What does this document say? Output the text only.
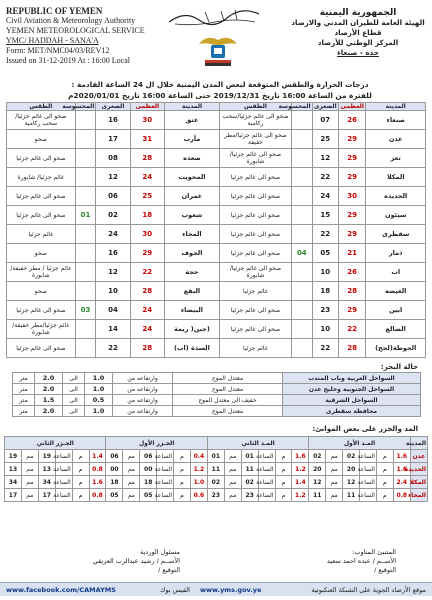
REPUBLIC OF YEMEN
Civil Aviation & Meteorology Authority
YEMEN METEOROLOGICAL SERVICE
YMC/ HADDAH - SANA'A
Form: MET/NMC04/03/REV12
Issued on 31-12-2019 At : 16:00 Local
الجمهورية اليمنية
الهيئة العامة للطيران المدني والارصاد
قطاع الأرصاد
المركز الوطني للأرصاد
حده - صنعاء
درجات الحرارة والطقس المتوقعة لبعض المدن اليمنية خلال ال 24 الساعة القادمة :
للفترة من الساعة 16:00 تاريخ 2019/12/31 حتى الساعة 16:00 تاريخ 2020/01/01م
الطقس	المحسوسة	الصغرى	العظمى	المدينة	الطقس	المحسوسة	الصغرى	العظمى	المدينة
صحو الى غائم جزئيا/سحب ركامية		16	30	عتق	صحو الى غائم جزئيا/سحب ركامية		07	26	صنعاء
صحو		17	31	مأرب	صحو الى غائم جزئيا/مطر خفيفة		25	29	عدن
صحو الى غائم جزئيا		08	28	صعده	صحو الى غائم جزئيا/ شابورة		12	29	تعز
غائم جزئيا/ شابورة		12	24	المحويت	صحو الى غائم جزئيا		22	29	المكلا
صحو الى غائم جزئيا		06	25	عمران	صحو الى غائم جزئيا		24	30	الحديده
صحو الى غائم جزئيا	01	02	18	شعوب	صحو الى غائم جزئيا		15	29	سيئون
غائم جزئيا		24	30	المخاء	صحو الى غائم جزئيا		22	29	سقطرى
صحو		16	29	الجوف	صحو الى غائم جزئيا	04	05	21	ذمار
غائم جزئيا / مطر خفيفة/شابورة		12	22	حجة	صحو الى غائم جزئيا/ شابورة		10	26	اب
صحو		10	28	البقع	غائم جزئيا		18	28	الغيضه
صحو الى غائم جزئيا	03	04	24	البيضاء	صحو الى غائم جزئيا		23	29	ابين
غائم جزئيا/مطر خفيفة/شابورة		14	24	(جبن( ريمة	صحو الى غائم جزئيا		10	22	الضالع
صحو الى غائم جزئيا		22	28	السدة (اب)	غائم جزئيا		22	28	الحوطة(لحج)
حالة البحر:
متر	2.0	الى	1.0	وارتفاعه من	معتدل الموج	السواحل الغربية وباب المندب
متر	2.0	الى	1.0	وارتفاعه من	معتدل الموج	السواحل الجنوبية وخليج عدن
متر	1.5	الى	0.5	وارتفاعه من	خفيف الى معتدل الموج	السواحل الشرقية
متر	2.0	الى	1.0	وارتفاعه من	معتدل الموج	محافظة سقطرى
المد والجزر على بعض الموانئ:
الجـزر الثاني						الجـزر الأول						المـد الثاني						المـد الأول						المدينة
19	مم	19	الساعة	م	1.4	06	مم	06	الساعة	م	0.4	01	مم	01	الساعة	م	1.6	02	مم	02	الساعة	م	1.6	عدن
13	مم	13	الساعة	م	0.8	00	مم	00	الساعة	م	1.2	11	مم	11	الساعة	م	1.2	20	مم	20	الساعة	م	1.6	الحديدة
34	مم	34	الساعة	م	1.6	18	مم	18	الساعة	م	1.0	02	مم	02	الساعة	م	1.4	12	مم	12	الساعة	م	2.4	المكلا
17	مم	17	الساعة	م	0.8	05	مم	05	الساعة	م	0.6	23	مم	23	الساعة	م	1.2	11	مم	11	الساعة	م	0.8	المخاء
المتنبئ المناوب:
الأســم / عبده احمد سعيد
التوقيع /
مسئول الوردية
الأســم / رشيد عبدالرب العريقي
التوقيع /
www.facebook.com/CAMAYMS	الفيس بوك www.yms.gov.ye	موقع الأرصاد الجوية على الشبكة العنكبوتية
